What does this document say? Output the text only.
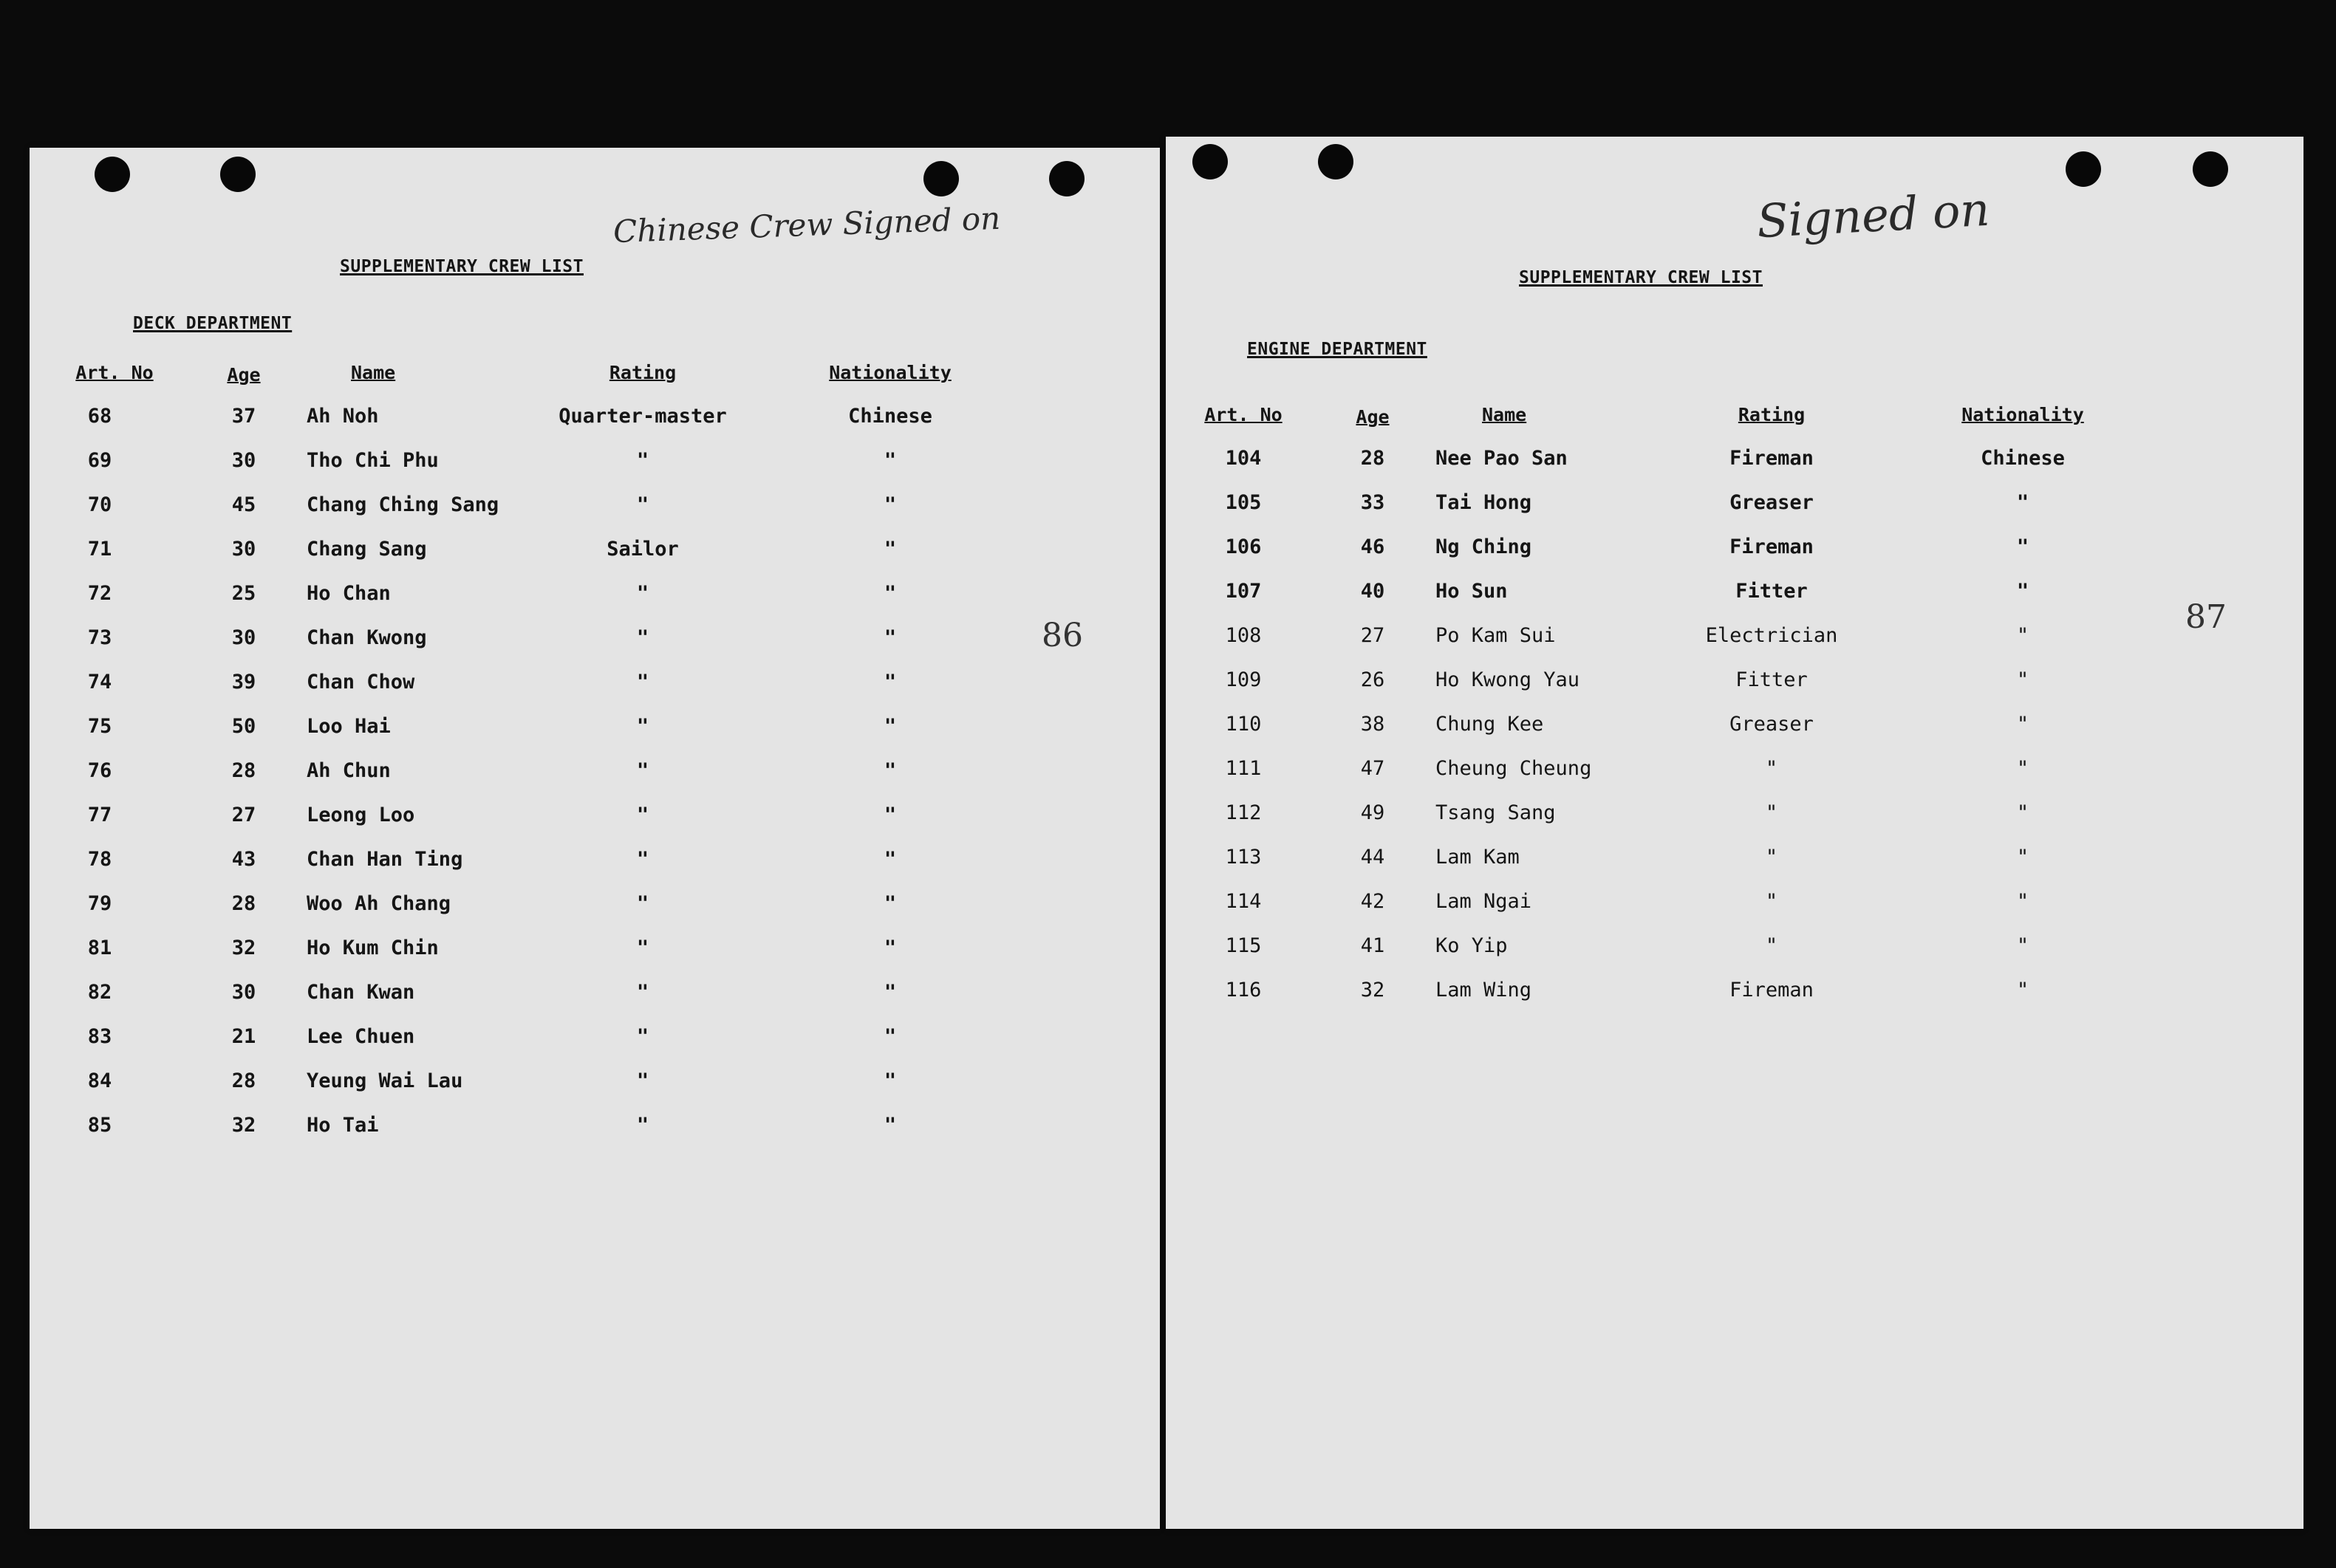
Chinese Crew Signed on
86
SUPPLEMENTARY CREW LIST
DECK DEPARTMENT
Art. No	Age	Name	Rating	Nationality
68	37	Ah Noh	Quarter-master	Chinese
69	30	Tho Chi Phu	"	"
70	45	Chang Ching Sang	"	"
71	30	Chang Sang	Sailor	"
72	25	Ho Chan	"	"
73	30	Chan Kwong	"	"
74	39	Chan Chow	"	"
75	50	Loo Hai	"	"
76	28	Ah Chun	"	"
77	27	Leong Loo	"	"
78	43	Chan Han Ting	"	"
79	28	Woo Ah Chang	"	"
81	32	Ho Kum Chin	"	"
82	30	Chan Kwan	"	"
83	21	Lee Chuen	"	"
84	28	Yeung Wai Lau	"	"
85	32	Ho Tai	"	"
Signed on
87
SUPPLEMENTARY CREW LIST
ENGINE DEPARTMENT
Art. No	Age	Name	Rating	Nationality
104	28	Nee Pao San	Fireman	Chinese
105	33	Tai Hong	Greaser	"
106	46	Ng Ching	Fireman	"
107	40	Ho Sun	Fitter	"
108	27	Po Kam Sui	Electrician	"
109	26	Ho Kwong Yau	Fitter	"
110	38	Chung Kee	Greaser	"
111	47	Cheung Cheung	"	"
112	49	Tsang Sang	"	"
113	44	Lam Kam	"	"
114	42	Lam Ngai	"	"
115	41	Ko Yip	"	"
116	32	Lam Wing	Fireman	"
